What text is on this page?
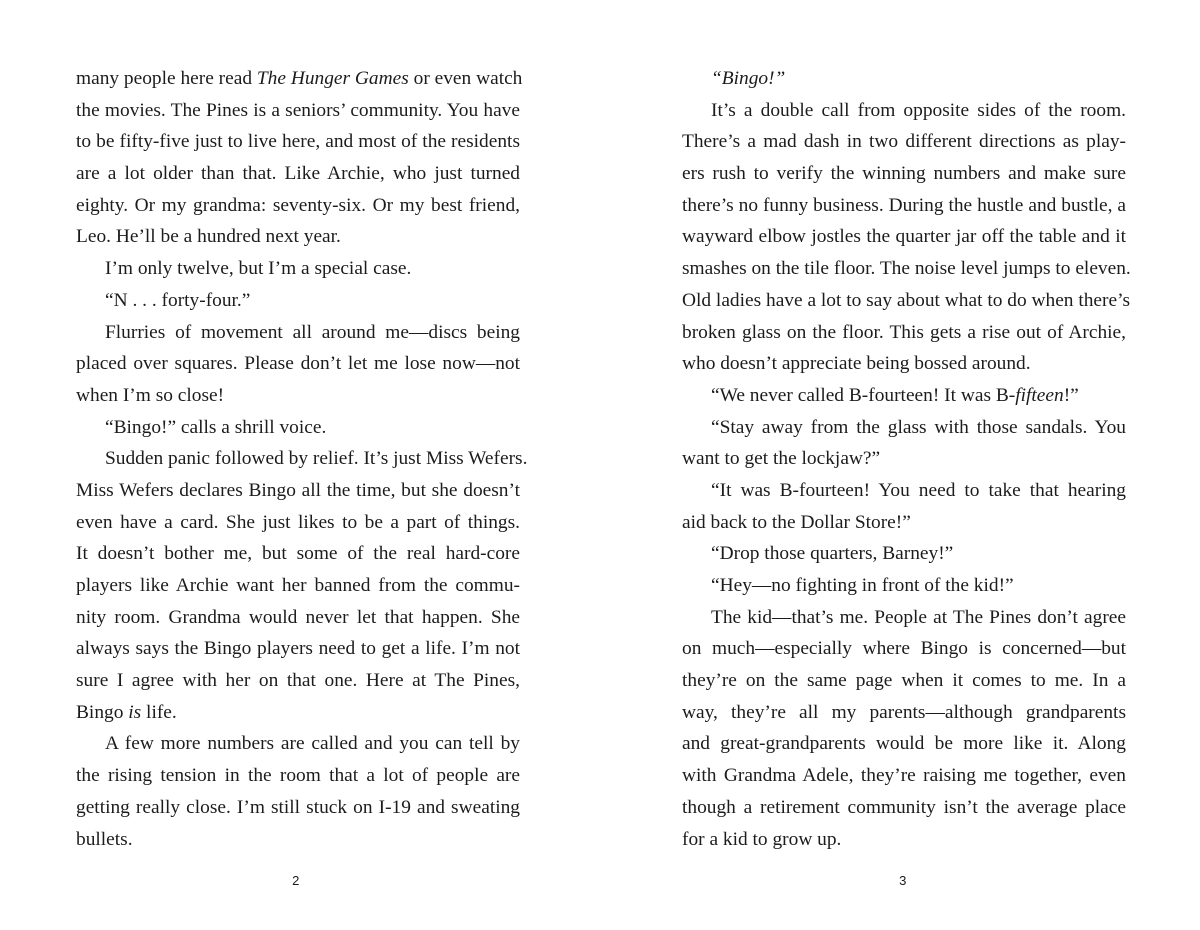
many people here read The Hunger Games or even watch
the movies. The Pines is a seniors’ community. You have
to be fifty-five just to live here, and most of the residents
are a lot older than that. Like Archie, who just turned
eighty. Or my grandma: seventy-six. Or my best friend,
Leo. He’ll be a hundred next year.
I’m only twelve, but I’m a special case.
“N . . . forty-four.”
Flurries of movement all around me—discs being
placed over squares. Please don’t let me lose now—not
when I’m so close!
“Bingo!” calls a shrill voice.
Sudden panic followed by relief. It’s just Miss Wefers.
Miss Wefers declares Bingo all the time, but she doesn’t
even have a card. She just likes to be a part of things.
It doesn’t bother me, but some of the real hard-core
players like Archie want her banned from the commu-
nity room. Grandma would never let that happen. She
always says the Bingo players need to get a life. I’m not
sure I agree with her on that one. Here at The Pines,
Bingo is life.
A few more numbers are called and you can tell by
the rising tension in the room that a lot of people are
getting really close. I’m still stuck on I-19 and sweating
bullets.
2
“Bingo!”
It’s a double call from opposite sides of the room.
There’s a mad dash in two different directions as play-
ers rush to verify the winning numbers and make sure
there’s no funny business. During the hustle and bustle, a
wayward elbow jostles the quarter jar off the table and it
smashes on the tile floor. The noise level jumps to eleven.
Old ladies have a lot to say about what to do when there’s
broken glass on the floor. This gets a rise out of Archie,
who doesn’t appreciate being bossed around.
“We never called B-fourteen! It was B-fifteen!”
“Stay away from the glass with those sandals. You
want to get the lockjaw?”
“It was B-fourteen! You need to take that hearing
aid back to the Dollar Store!”
“Drop those quarters, Barney!”
“Hey—no fighting in front of the kid!”
The kid—that’s me. People at The Pines don’t agree
on much—especially where Bingo is concerned—but
they’re on the same page when it comes to me. In a
way, they’re all my parents—although grandparents
and great-grandparents would be more like it. Along
with Grandma Adele, they’re raising me together, even
though a retirement community isn’t the average place
for a kid to grow up.
3
